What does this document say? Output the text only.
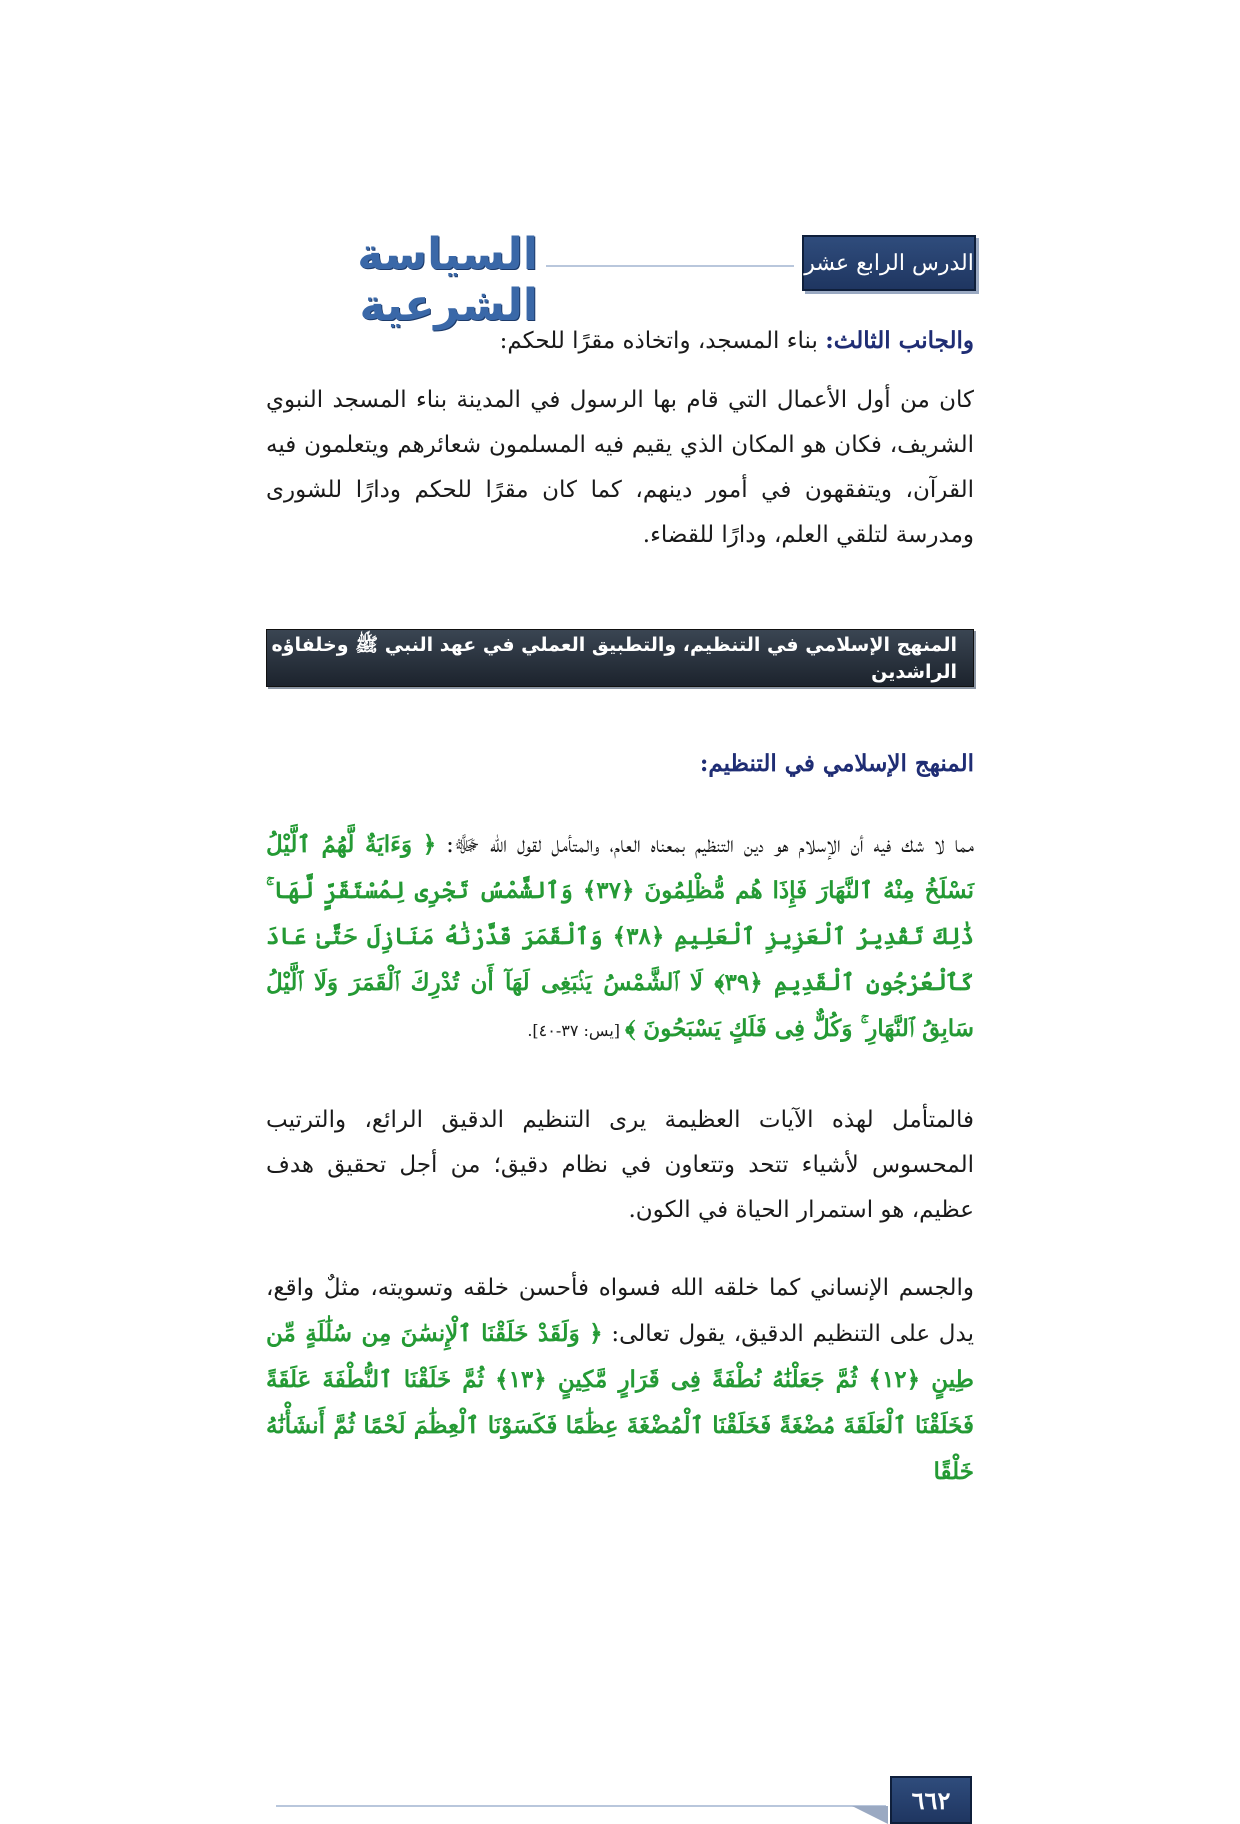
السياسة الشرعية
الدرس الرابع عشر
والجانب الثالث: بناء المسجد، واتخاذه مقرًا للحكم:
كان من أول الأعمال التي قام بها الرسول في المدينة بناء المسجد النبوي الشريف، فكان هو المكان الذي يقيم فيه المسلمون شعائرهم ويتعلمون فيه القرآن، ويتفقهون في أمور دينهم، كما كان مقرًا للحكم ودارًا للشورى ومدرسة لتلقي العلم، ودارًا للقضاء.
المنهج الإسلامي في التنظيم، والتطبيق العملي في عهد النبي ﷺ وخلفاؤه الراشدين
المنهج الإسلامي في التنظيم:
مما لا شك فيه أن الإسلام هو دين التنظيم بمعناه العام، والمتأمل لقول الله ﷻ: ﴿ وَءَايَةٌ لَّهُمُ ٱلَّيْلُ نَسْلَخُ مِنْهُ ٱلنَّهَارَ فَإِذَا هُم مُّظْلِمُونَ ﴿٣٧﴾ وَٱلشَّمْسُ تَجْرِى لِمُسْتَقَرٍّ لَّهَا ۚ ذَٰلِكَ تَقْدِيرُ ٱلْعَزِيزِ ٱلْعَلِيمِ ﴿٣٨﴾ وَٱلْقَمَرَ قَدَّرْنَٰهُ مَنَازِلَ حَتَّىٰ عَادَ كَٱلْعُرْجُونِ ٱلْقَدِيمِ ﴿٣٩﴾ لَا ٱلشَّمْسُ يَنۢبَغِى لَهَآ أَن تُدْرِكَ ٱلْقَمَرَ وَلَا ٱلَّيْلُ سَابِقُ ٱلنَّهَارِ ۚ وَكُلٌّ فِى فَلَكٍ يَسْبَحُونَ ﴾ [يس: ٣٧-٤٠].
فالمتأمل لهذه الآيات العظيمة يرى التنظيم الدقيق الرائع، والترتيب المحسوس لأشياء تتحد وتتعاون في نظام دقيق؛ من أجل تحقيق هدف عظيم، هو استمرار الحياة في الكون.
والجسم الإنساني كما خلقه الله فسواه فأحسن خلقه وتسويته، مثلٌ واقع، يدل على التنظيم الدقيق، يقول تعالى: ﴿ وَلَقَدْ خَلَقْنَا ٱلْإِنسَٰنَ مِن سُلَٰلَةٍ مِّن طِينٍ ﴿١٢﴾ ثُمَّ جَعَلْنَٰهُ نُطْفَةً فِى قَرَارٍ مَّكِينٍ ﴿١٣﴾ ثُمَّ خَلَقْنَا ٱلنُّطْفَةَ عَلَقَةً فَخَلَقْنَا ٱلْعَلَقَةَ مُضْغَةً فَخَلَقْنَا ٱلْمُضْغَةَ عِظَٰمًا فَكَسَوْنَا ٱلْعِظَٰمَ لَحْمًا ثُمَّ أَنشَأْنَٰهُ خَلْقًا
٦٦٢
